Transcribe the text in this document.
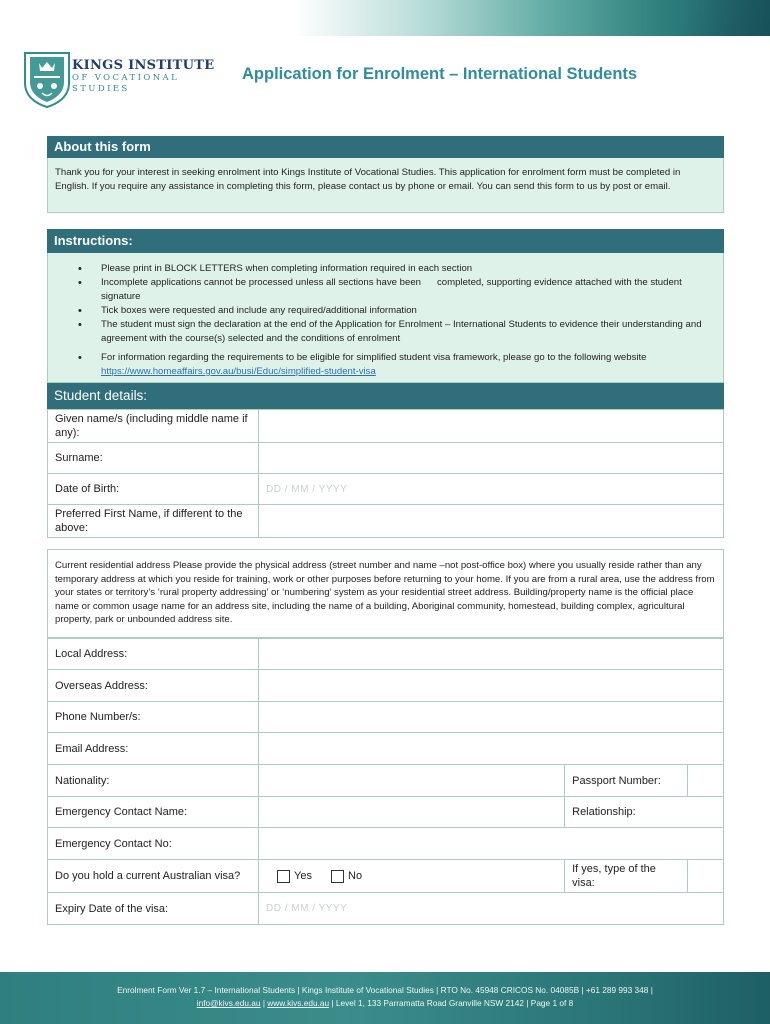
KINGS INSTITUTE
OF VOCATIONAL
STUDIES
Application for Enrolment – International Students
About this form
Thank you for your interest in seeking enrolment into Kings Institute of Vocational Studies. This application for enrolment form must be completed in English. If you require any assistance in completing this form, please contact us by phone or email. You can send this form to us by post or email.
Instructions:
• Please print in BLOCK LETTERS when completing information required in each section
• Incomplete applications cannot be processed unless all sections have been      completed, supporting evidence attached with the student signature
• Tick boxes were requested and include any required/additional information
• The student must sign the declaration at the end of the Application for Enrolment – International Students to evidence their understanding and agreement with the course(s) selected and the conditions of enrolment
• For information regarding the requirements to be eligible for simplified student visa framework, please go to the following website https://www.homeaffairs.gov.au/busi/Educ/simplified-student-visa
Student details:
Given name/s (including middle name if any):	
Surname:	
Date of Birth:	DD / MM / YYYY
Preferred First Name, if different to the above:	
Current residential address Please provide the physical address (street number and name –not post-office box) where you usually reside rather than any temporary address at which you reside for training, work or other purposes before returning to your home. If you are from a rural area, use the address from your states or territory’s ‘rural property addressing’ or ‘numbering’ system as your residential street address. Building/property name is the official place name or common usage name for an address site, including the name of a building, Aboriginal community, homestead, building complex, agricultural property, park or unbounded address site.
Local Address:			
Overseas Address:			
Phone Number/s:			
Email Address:			
Nationality:		Passport Number:	
Emergency Contact Name:		Relationship:	
Emergency Contact No:			
Do you hold a current Australian visa?	Yes No	If yes, type of the visa:	
Expiry Date of the visa:	DD / MM / YYYY		
Enrolment Form Ver 1.7 – International Students | Kings Institute of Vocational Studies | RTO No. 45948 CRICOS No. 04085B | +61 289 993 348 |
info@kivs.edu.au | www.kivs.edu.au | Level 1, 133 Parramatta Road Granville NSW 2142 | Page 1 of 8
